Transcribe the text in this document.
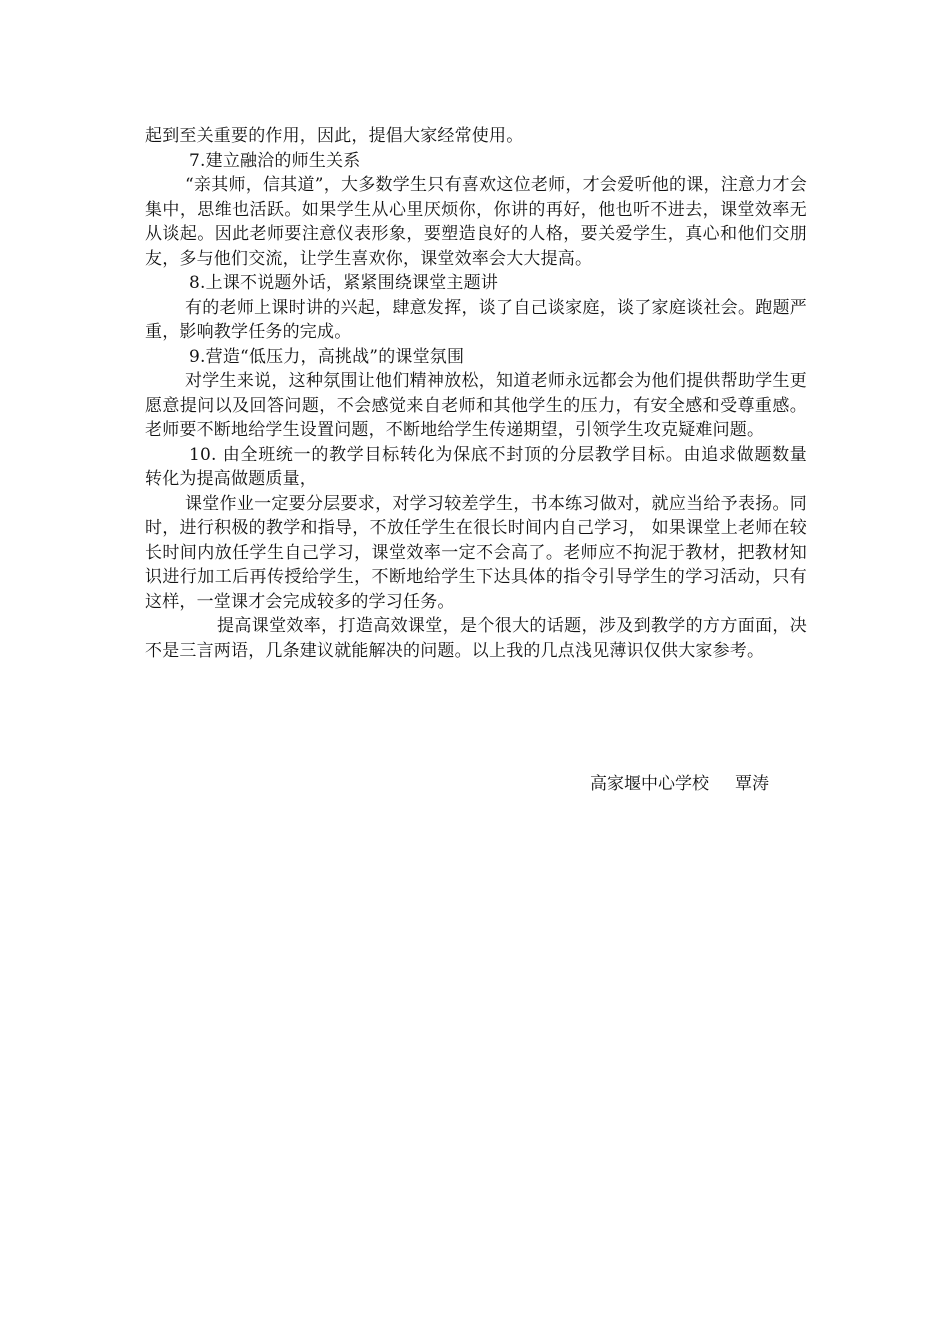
起到至关重要的作用，因此，提倡大家经常使用。

7.建立融洽的师生关系

“亲其师，信其道”，大多数学生只有喜欢这位老师，才会爱听他的课，注意力才会集中，思维也活跃。如果学生从心里厌烦你，你讲的再好，他也听不进去，课堂效率无从谈起。因此老师要注意仪表形象，要塑造良好的人格，要关爱学生，真心和他们交朋友，多与他们交流，让学生喜欢你，课堂效率会大大提高。

8.上课不说题外话，紧紧围绕课堂主题讲

有的老师上课时讲的兴起，肆意发挥，谈了自己谈家庭，谈了家庭谈社会。跑题严重，影响教学任务的完成。

9.营造“低压力，高挑战”的课堂氛围

对学生来说，这种氛围让他们精神放松，知道老师永远都会为他们提供帮助学生更愿意提问以及回答问题，不会感觉来自老师和其他学生的压力，有安全感和受尊重感。老师要不断地给学生设置问题，不断地给学生传递期望，引领学生攻克疑难问题。

10. 由全班统一的教学目标转化为保底不封顶的分层教学目标。由追求做题数量转化为提高做题质量，

课堂作业一定要分层要求，对学习较差学生，书本练习做对，就应当给予表扬。同时，进行积极的教学和指导，不放任学生在很长时间内自己学习， 如果课堂上老师在较长时间内放任学生自己学习，课堂效率一定不会高了。老师应不拘泥于教材，把教材知识进行加工后再传授给学生，不断地给学生下达具体的指令引导学生的学习活动，只有这样，一堂课才会完成较多的学习任务。

提高课堂效率，打造高效课堂，是个很大的话题，涉及到教学的方方面面，决不是三言两语，几条建议就能解决的问题。以上我的几点浅见薄识仅供大家参考。

高家堰中心学校 覃涛
